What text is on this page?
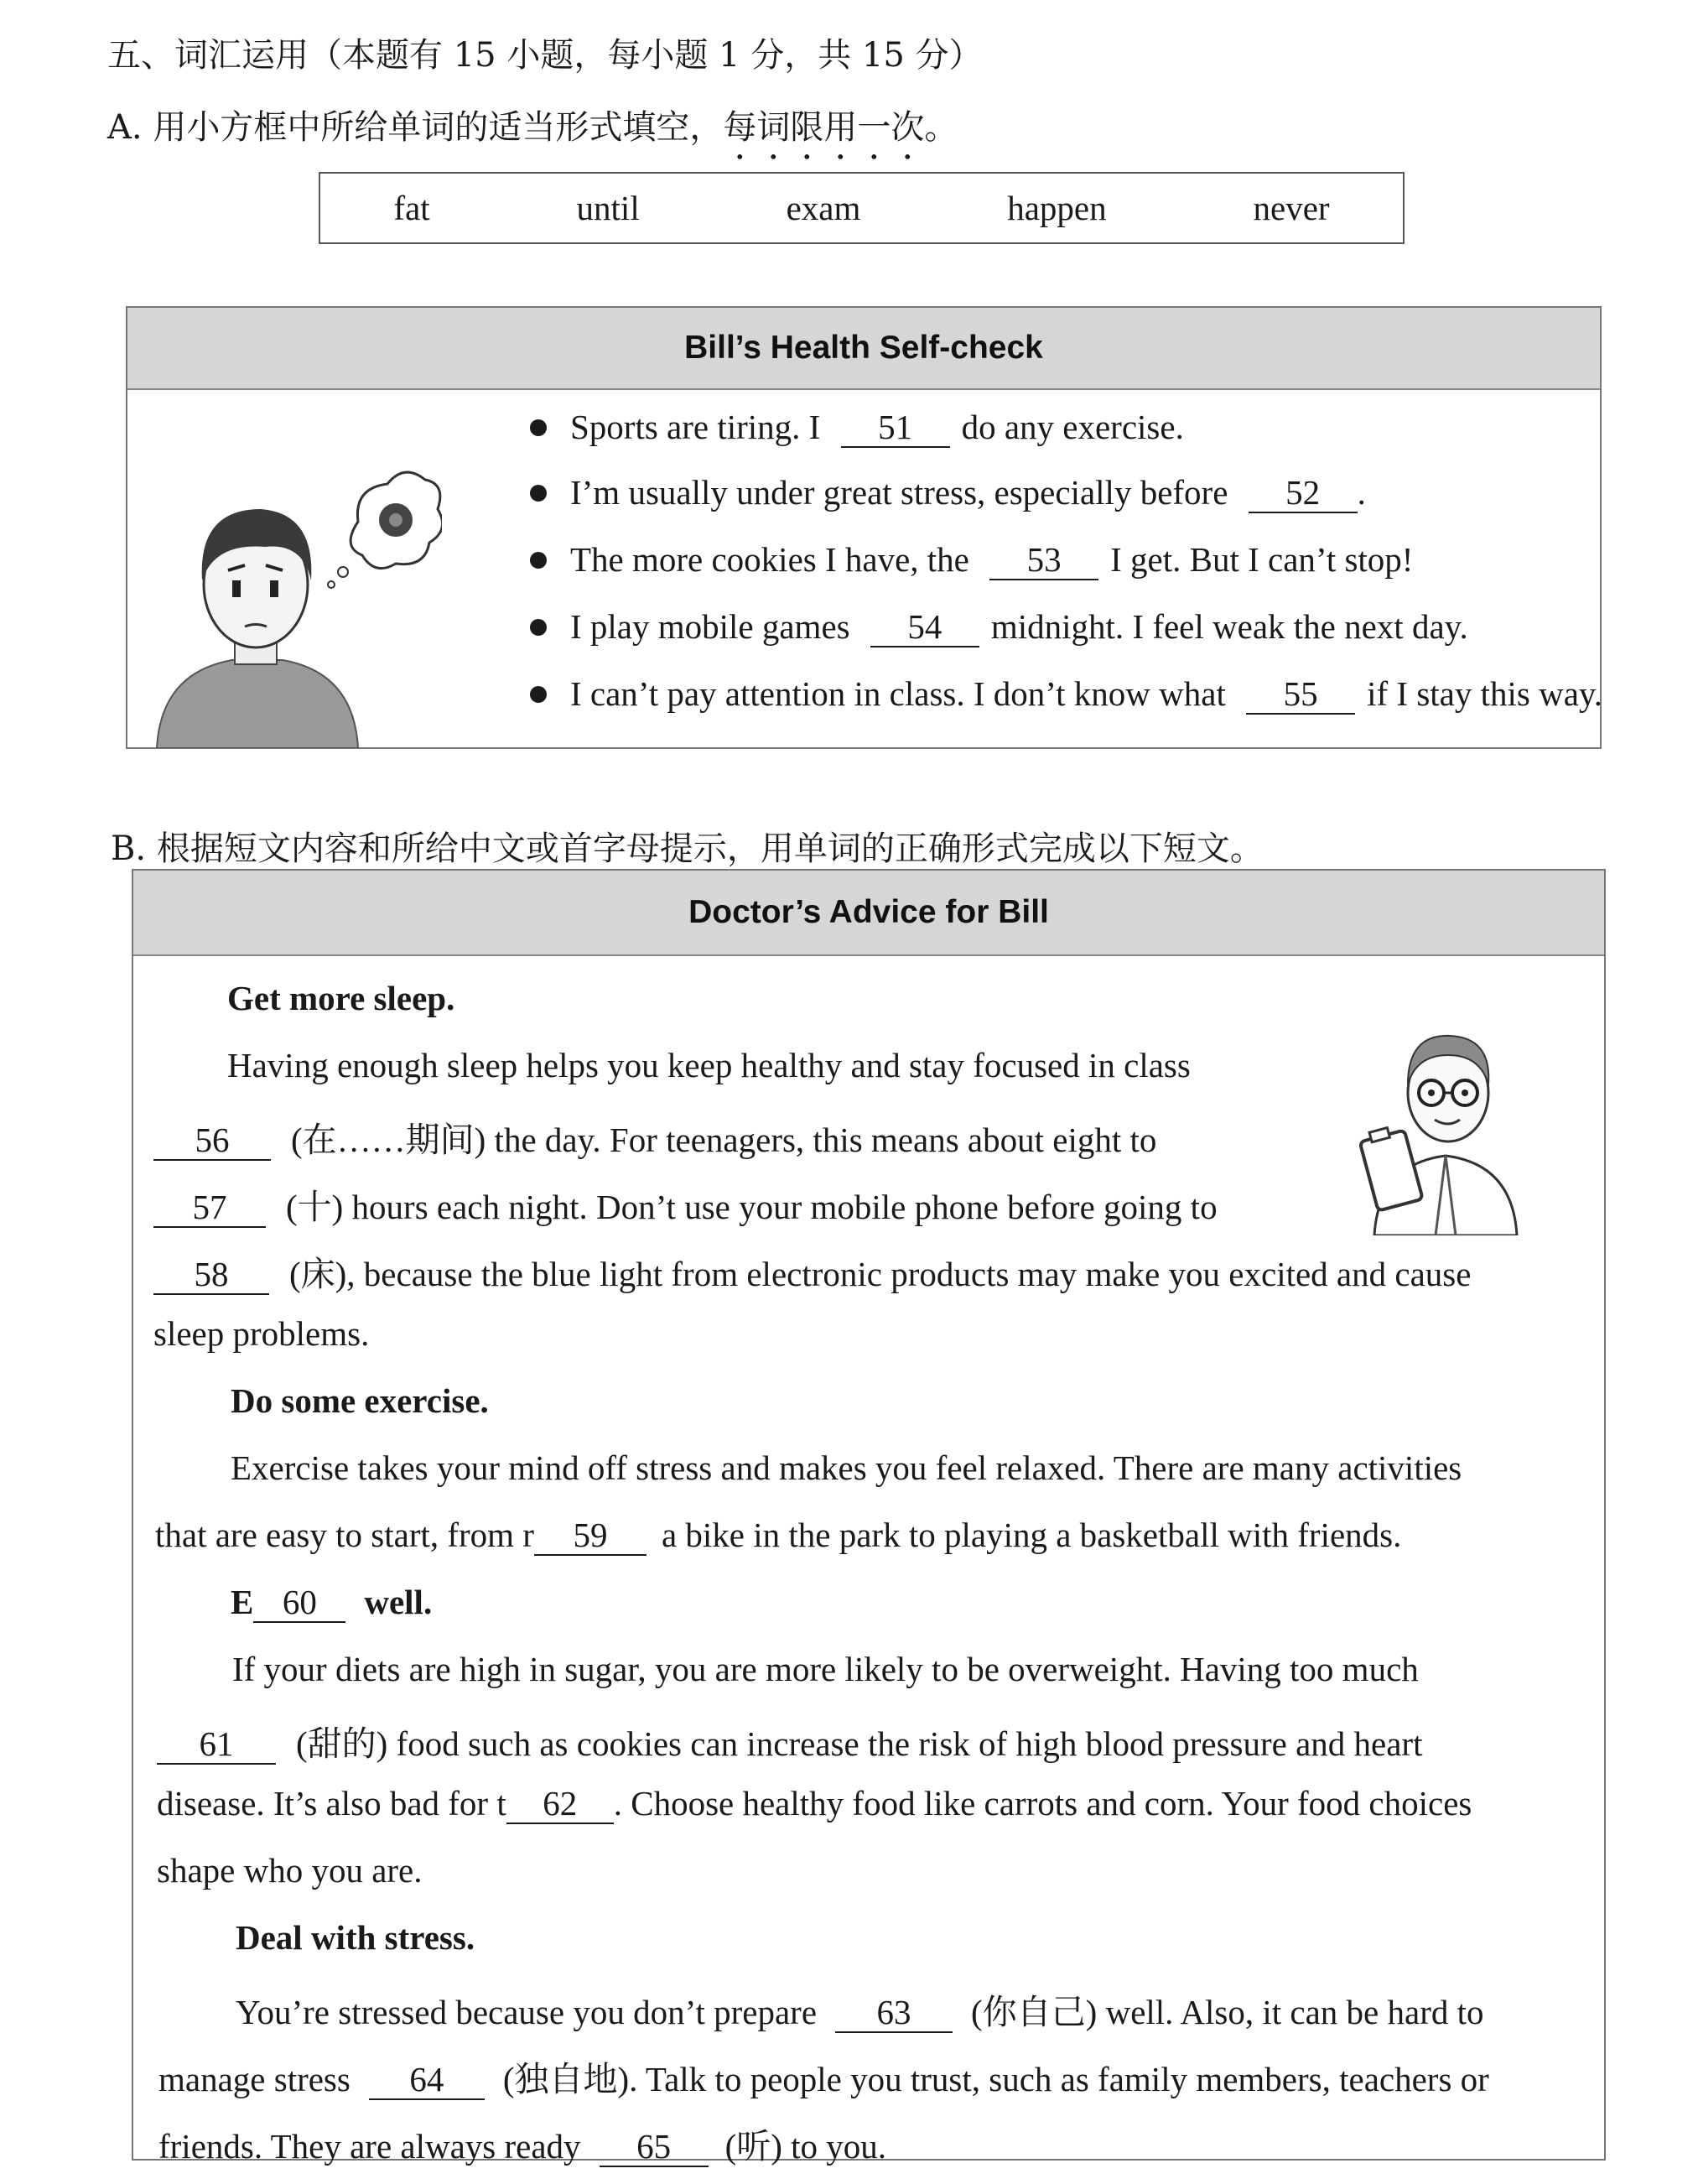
五、词汇运用（本题有 15 小题，每小题 1 分，共 15 分）
A. 用小方框中所给单词的适当形式填空，每词限用一次。
fat	until	exam	happen	never
Bill’s Health Self-check
Sports are tiring. I 51 do any exercise.
I’m usually under great stress, especially before 52 .
The more cookies I have, the 53 I get. But I can’t stop!
I play mobile games 54 midnight. I feel weak the next day.
I can’t pay attention in class. I don’t know what 55 if I stay this way.
B. 根据短文内容和所给中文或首字母提示，用单词的正确形式完成以下短文。
Doctor’s Advice for Bill
Get more sleep.
Having enough sleep helps you keep healthy and stay focused in class
56 (在……期间) the day. For teenagers, this means about eight to
57 (十) hours each night. Don’t use your mobile phone before going to
58 (床), because the blue light from electronic products may make you excited and cause
sleep problems.
Do some exercise.
Exercise takes your mind off stress and makes you feel relaxed. There are many activities
that are easy to start, from r 59 a bike in the park to playing a basketball with friends.
E 60 well.
If your diets are high in sugar, you are more likely to be overweight. Having too much
61 (甜的) food such as cookies can increase the risk of high blood pressure and heart
disease. It’s also bad for t 62 . Choose healthy food like carrots and corn. Your food choices
shape who you are.
Deal with stress.
You’re stressed because you don’t prepare 63 (你自己) well. Also, it can be hard to
manage stress 64 (独自地). Talk to people you trust, such as family members, teachers or
friends. They are always ready 65 (听) to you.
